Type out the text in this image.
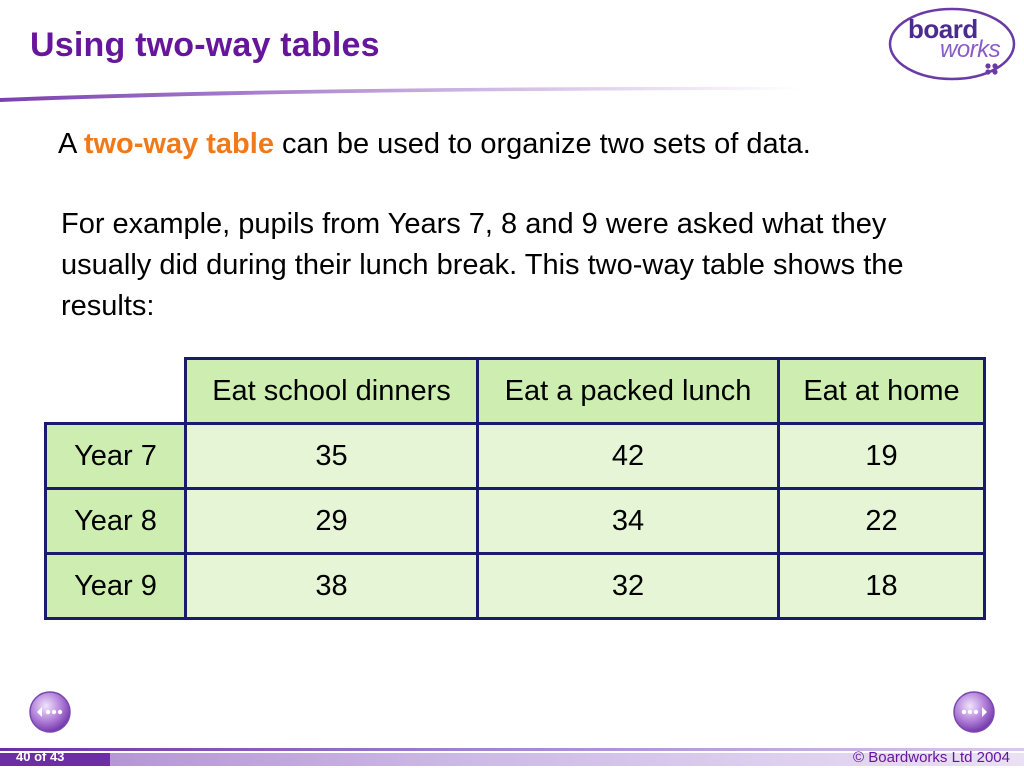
Using two-way tables	board
works
A two-way table can be used to organize two sets of data.
For example, pupils from Years 7, 8 and 9 were asked what they usually did during their lunch break. This two-way table shows the results:
	Eat school dinners	Eat a packed lunch	Eat at home
Year 7	35	42	19
Year 8	29	34	22
Year 9	38	32	18
40 of 43	© Boardworks Ltd 2004
